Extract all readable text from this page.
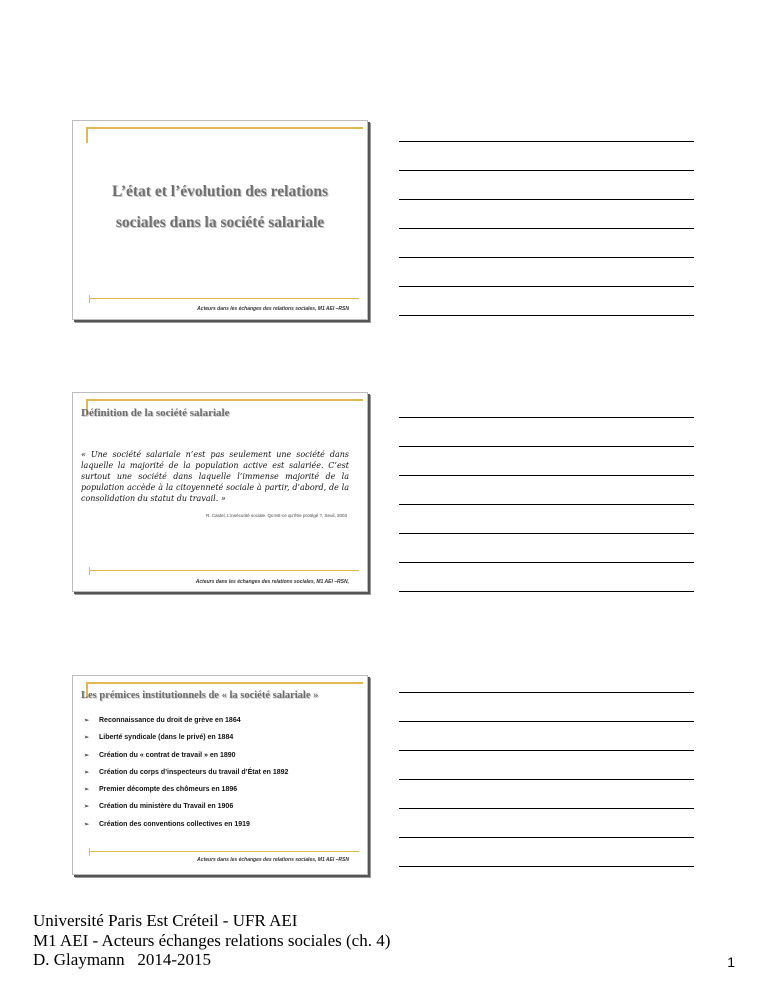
L’état et l’évolution des relations
sociales dans la société salariale
Acteurs dans les échanges des relations sociales, M1 AEI –RSN
Définition de la société salariale
« Une société salariale n’est pas seulement une société dans laquelle la majorité de la population active est salariée. C’est surtout une société dans laquelle l’immense majorité de la population accède à la citoyenneté sociale à partir, d’abord, de la consolidation du statut du travail. »
R. Castel, L’insécurité sociale. Qu’est-ce qu’être protégé ?, Seuil, 2003
Acteurs dans les échanges des relations sociales, M1 AEI –RSN,
Les prémices institutionnels de « la société salariale »
➢	Reconnaissance du droit de grève en 1864
➢	Liberté syndicale (dans le privé) en 1884
➢	Création du « contrat de travail » en 1890
➢	Création du corps d’inspecteurs du travail d’État en 1892
➢	Premier décompte des chômeurs en 1896
➢	Création du ministère du Travail en 1906
➢	Création des conventions collectives en 1919
Acteurs dans les échanges des relations sociales, M1 AEI –RSN
Université Paris Est Créteil - UFR AEI
M1 AEI - Acteurs échanges relations sociales (ch. 4)
D. Glaymann   2014-2015	1
